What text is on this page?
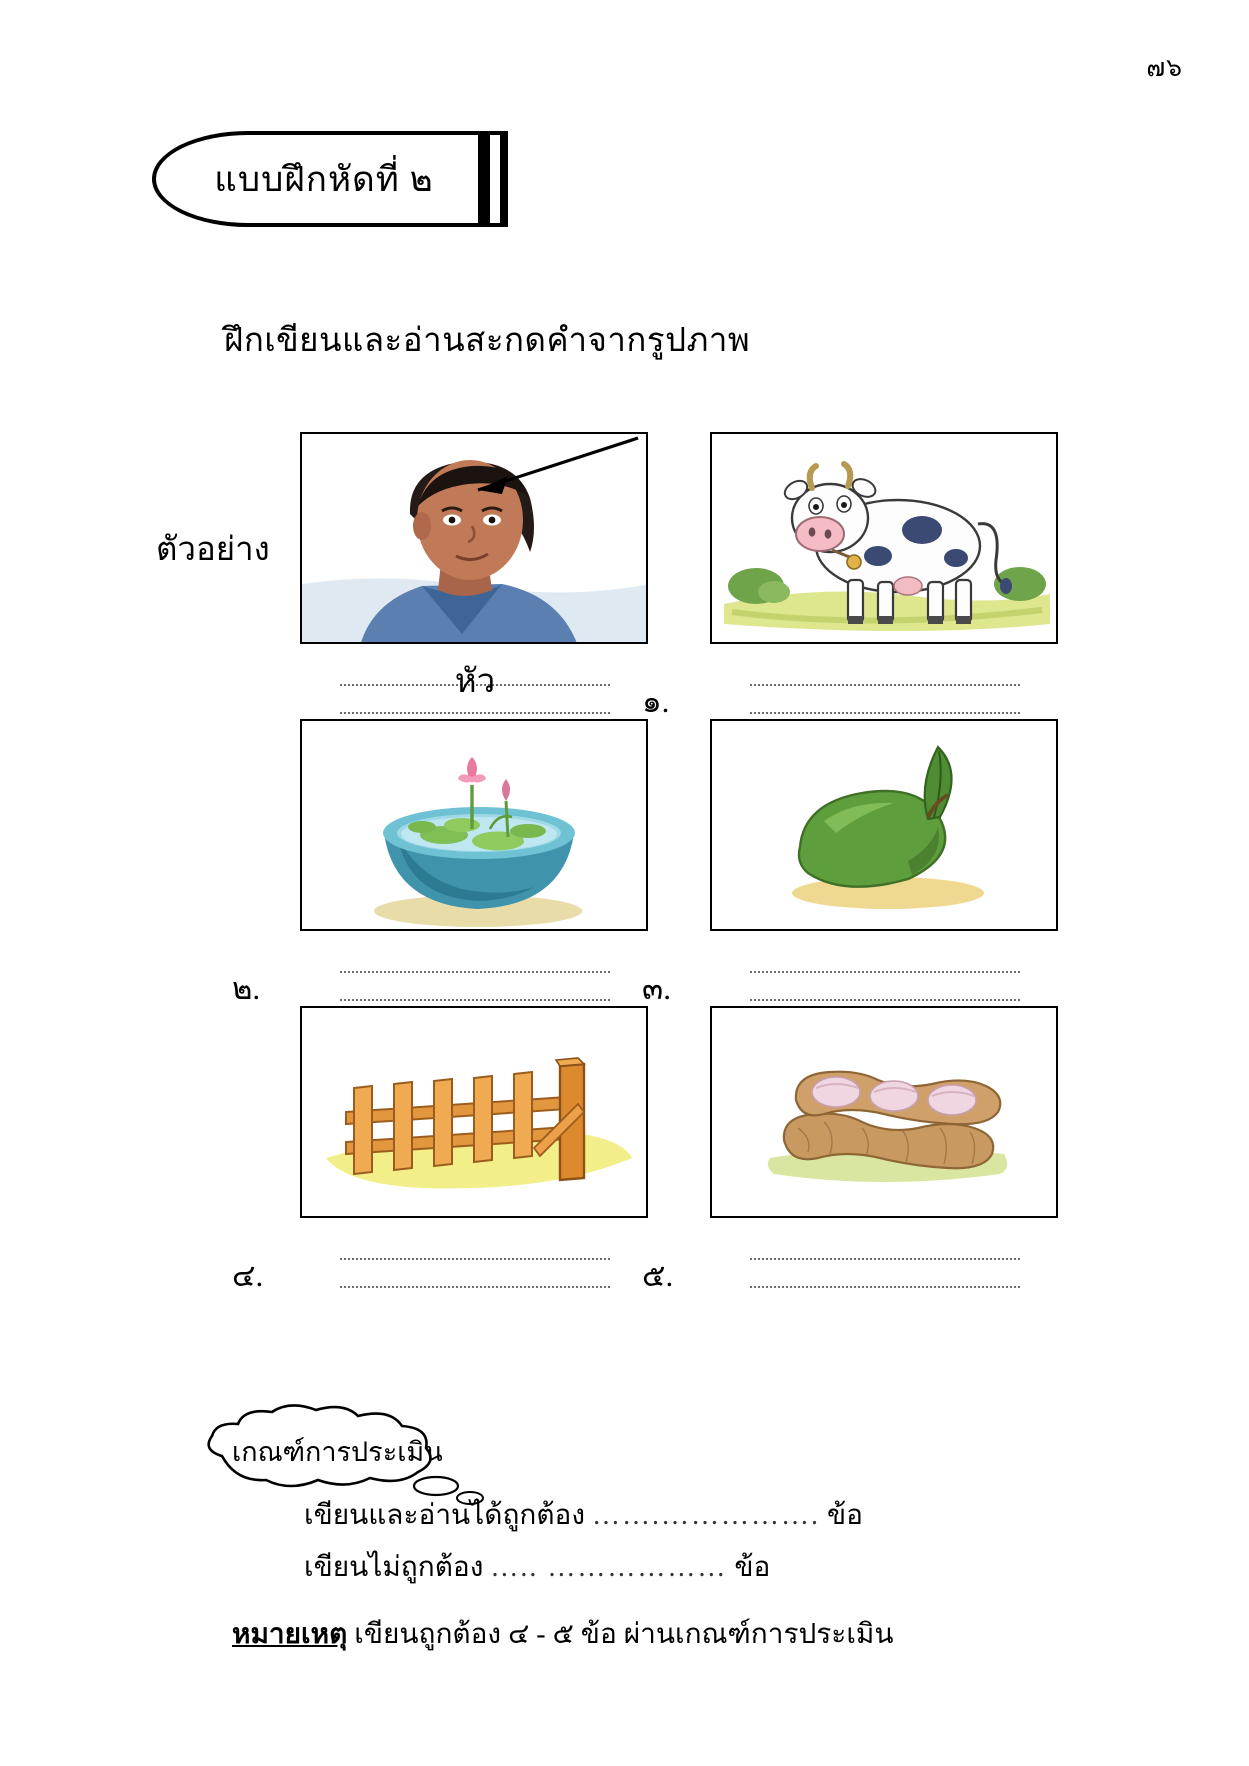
๗๖
แบบฝึกหัดที่ ๒
ฝึกเขียนและอ่านสะกดคำจากรูปภาพ
ตัวอย่าง
หัว
๑.
๒.	๓.
๔.	๕.
เกณฑ์การประเมิน
เขียนและอ่านได้ถูกต้อง …….……………. ข้อ
เขียนไม่ถูกต้อง ….. ……………… ข้อ
หมายเหตุ เขียนถูกต้อง ๔ - ๕ ข้อ ผ่านเกณฑ์การประเมิน
